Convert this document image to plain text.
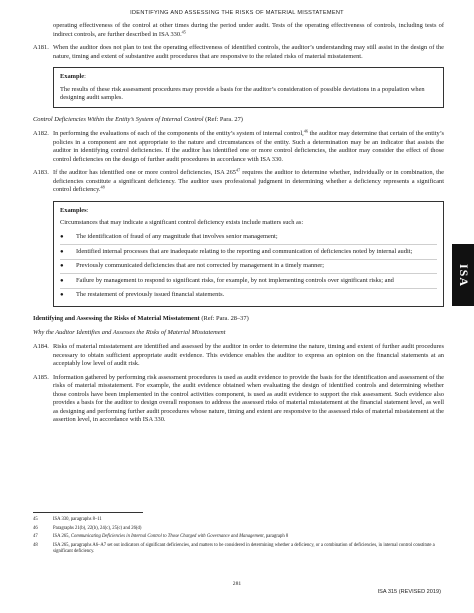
IDENTIFYING AND ASSESSING THE RISKS OF MATERIAL MISSTATEMENT

operating effectiveness of the control at other times during the period under audit. Tests of the operating effectiveness of controls, including tests of indirect controls, are further described in ISA 330.45

A181. When the auditor does not plan to test the operating effectiveness of identified controls, the auditor’s understanding may still assist in the design of the nature, timing and extent of substantive audit procedures that are responsive to the related risks of material misstatement.
Example:

The results of these risk assessment procedures may provide a basis for the auditor’s consideration of possible deviations in a population when designing audit samples.

Control Deficiencies Within the Entity’s System of Internal Control (Ref: Para. 27)

A182. In performing the evaluations of each of the components of the entity’s system of internal control,$^{46}$ the auditor may determine that certain of the entity’s policies in a component are not appropriate to the nature and circumstances of the entity. Such a determination may be an indicator that assists the auditor in identifying control deficiencies. If the auditor has identified one or more control deficiencies, the auditor may consider the effect of those control deficiencies on the design of further audit procedures in accordance with ISA 330.
A183. If the auditor has identified one or more control deficiencies, ISA $265^{47}$ requires the auditor to determine whether, individually or in combination, the deficiencies constitute a significant deficiency. The auditor uses professional judgment in determining whether a deficiency represents a significant control deficiency.$^{48}$
Examples:

Circumstances that may indicate a significant control deficiency exists include matters such as:

●	The identification of fraud of any magnitude that involves senior management;
●	Identified internal processes that are inadequate relating to the reporting and communication of deficiencies noted by internal audit;
●	Previously communicated deficiencies that are not corrected by management in a timely manner;
●	Failure by management to respond to significant risks, for example, by not implementing controls over significant risks; and
●	The restatement of previously issued financial statements.

Identifying and Assessing the Risks of Material Misstatement (Ref: Para. 28–37)

Why the Auditor Identifies and Assesses the Risks of Material Misstatement

A184. Risks of material misstatement are identified and assessed by the auditor in order to determine the nature, timing and extent of further audit procedures necessary to obtain sufficient appropriate audit evidence. This evidence enables the auditor to express an opinion on the financial statements at an acceptably low level of audit risk.
A185. Information gathered by performing risk assessment procedures is used as audit evidence to provide the basis for the identification and assessment of the risks of material misstatement. For example, the audit evidence obtained when evaluating the design of identified controls and determining whether those controls have been implemented in the control activities component, is used as audit evidence to support the risk assessment. Such evidence also provides a basis for the auditor to design overall responses to address the assessed risks of material misstatement at the financial statement level, as well as designing and performing further audit procedures whose nature, timing and extent are responsive to the assessed risks of material misstatement at the assertion level, in accordance with ISA 330.
45	ISA 330, paragraphs 8–11
46	Paragraphs 21(b), 22(b), 24(c), 25(c) and 26(d)
47	ISA 265, Communicating Deficiencies in Internal Control to Those Charged with Governance and Management, paragraph 8
48	ISA 265, paragraphs A6–A7 set out indicators of significant deficiencies, and matters to be considered in determining whether a deficiency, or a combination of deficiencies, in internal control constitute a significant deficiency.
281
ISA 315 (REVISED 2019)
ISA
